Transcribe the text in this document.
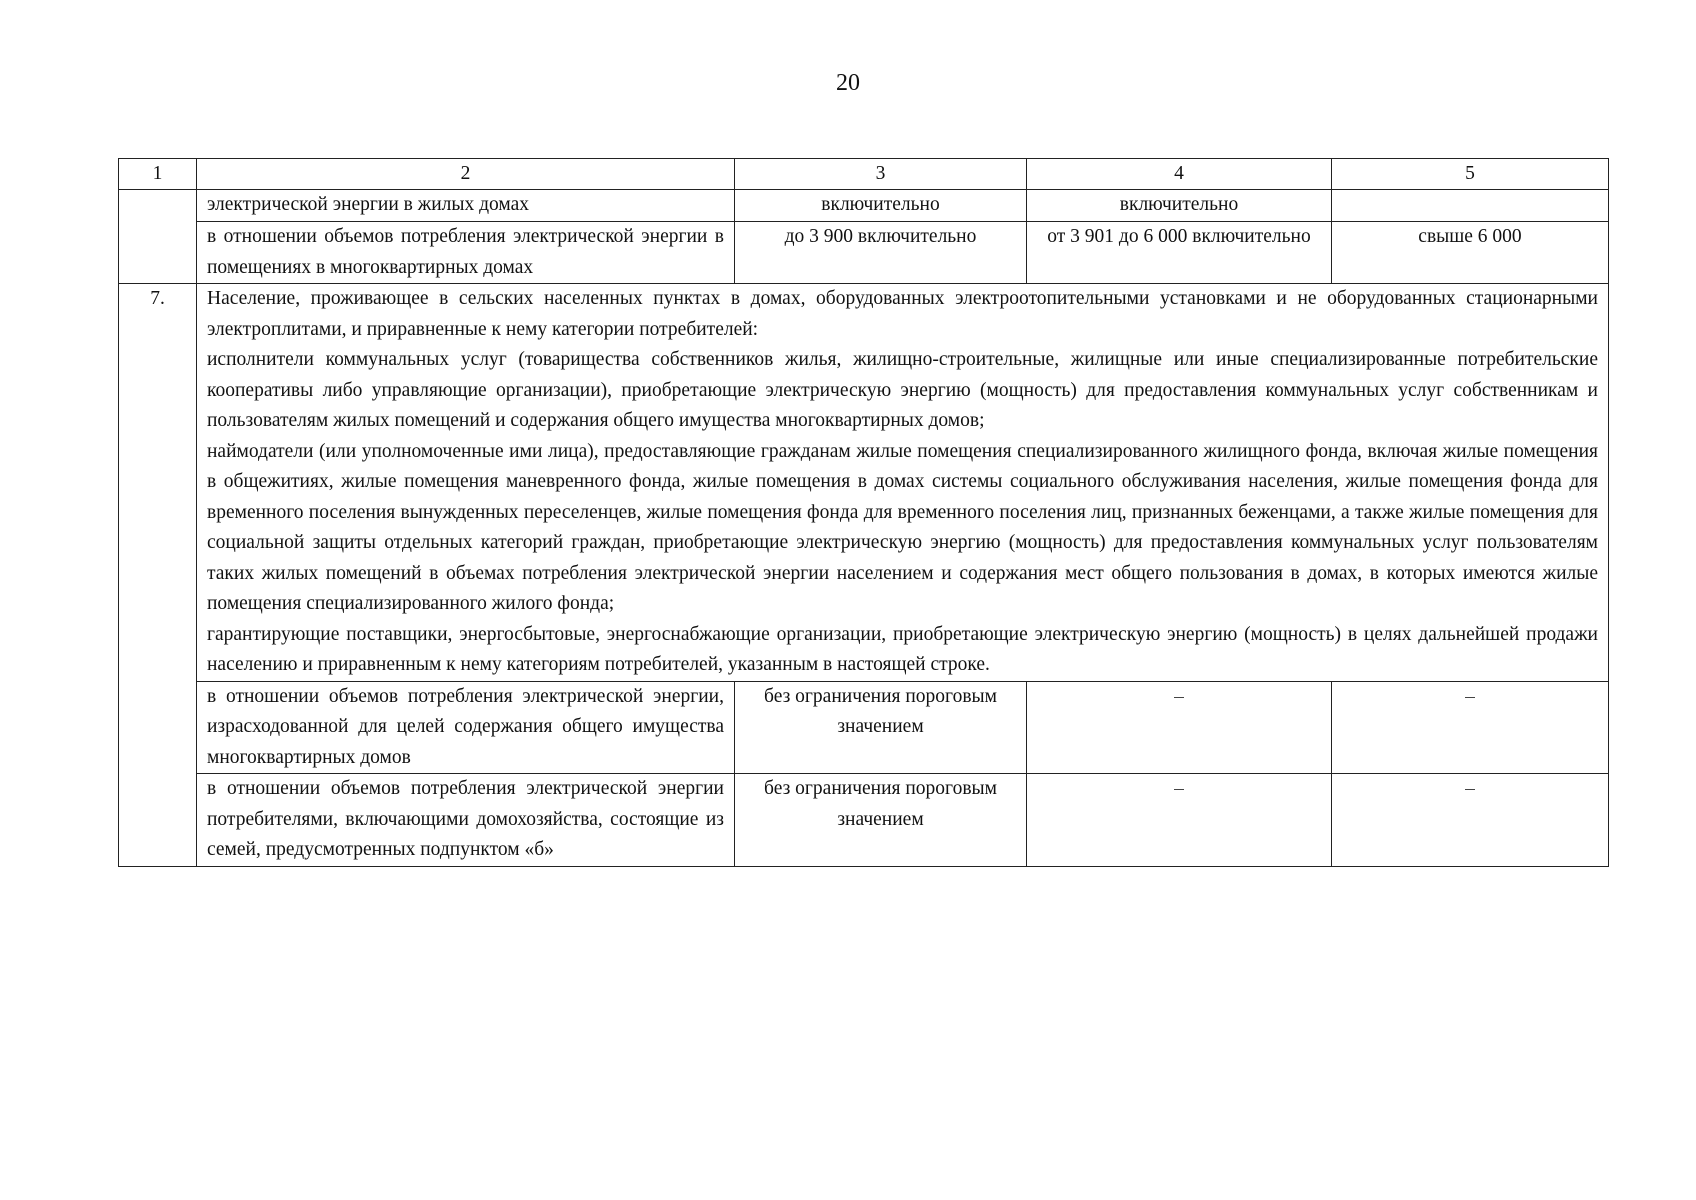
20
1	2	3	4	5
	электрической энергии в жилых домах	включительно	включительно	
	в отношении объемов потребления электрической энергии в помещениях в многоквартирных домах	до 3 900 включительно	от 3 901 до 6 000 включительно	свыше 6 000
7.	Население, проживающее в сельских населенных пунктах в домах, оборудованных электроотопительными установками и не оборудованных стационарными электроплитами, и приравненные к нему категории потребителей:

исполнители коммунальных услуг (товарищества собственников жилья, жилищно-строительные, жилищные или иные специализированные потребительские кооперативы либо управляющие организации), приобретающие электрическую энергию (мощность) для предоставления коммунальных услуг собственникам и пользователям жилых помещений и содержания общего имущества многоквартирных домов;

наймодатели (или уполномоченные ими лица), предоставляющие гражданам жилые помещения специализированного жилищного фонда, включая жилые помещения в общежитиях, жилые помещения маневренного фонда, жилые помещения в домах системы социального обслуживания населения, жилые помещения фонда для временного поселения вынужденных переселенцев, жилые помещения фонда для временного поселения лиц, признанных беженцами, а также жилые помещения для социальной защиты отдельных категорий граждан, приобретающие электрическую энергию (мощность) для предоставления коммунальных услуг пользователям таких жилых помещений в объемах потребления электрической энергии населением и содержания мест общего пользования в домах, в которых имеются жилые помещения специализированного жилого фонда;

гарантирующие поставщики, энергосбытовые, энергоснабжающие организации, приобретающие электрическую энергию (мощность) в целях дальнейшей продажи населению и приравненным к нему категориям потребителей, указанным в настоящей строке.			

	в отношении объемов потребления электрической энергии, израсходованной для целей содержания общего имущества многоквартирных домов	без ограничения пороговым значением	–	–
	в отношении объемов потребления электрической энергии потребителями, включающими домохозяйства, состоящие из семей, предусмотренных подпунктом «б»	без ограничения пороговым значением	–	–
